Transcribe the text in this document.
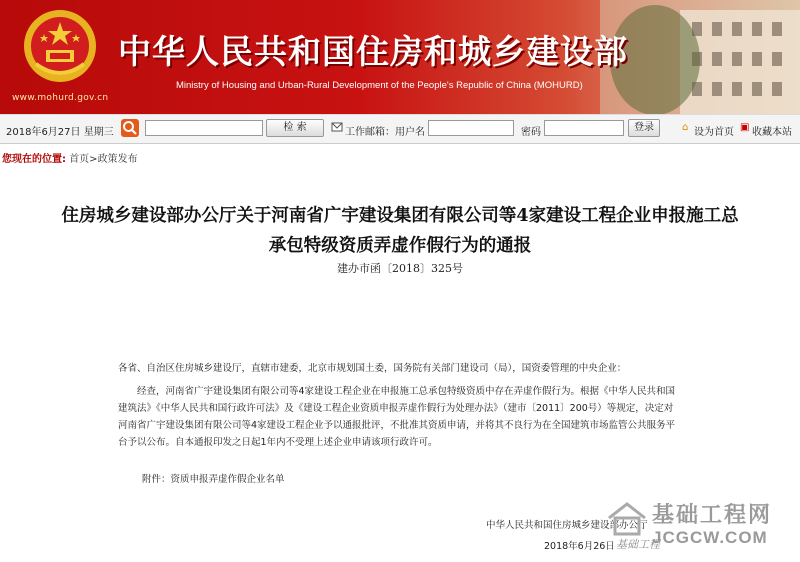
www.mohurd.gov.cn
中华人民共和国住房和城乡建设部
Ministry of Housing and Urban-Rural Development of the People's Republic of China (MOHURD)
2018年6月27日 星期三	检 索	工作邮箱：用户名	密码	登录	⌂ 设为首页 ▣ 收藏本站
您现在的位置: 首页>政策发布
住房城乡建设部办公厅关于河南省广宇建设集团有限公司等4家建设工程企业申报施工总承包特级资质弄虚作假行为的通报
建办市函〔2018〕325号
各省、自治区住房城乡建设厅，直辖市建委，北京市规划国土委，国务院有关部门建设司（局），国资委管理的中央企业：
经查，河南省广宇建设集团有限公司等4家建设工程企业在申报施工总承包特级资质中存在弄虚作假行为。根据《中华人民共和国建筑法》《中华人民共和国行政许可法》及《建设工程企业资质申报弄虚作假行为处理办法》（建市〔2011〕200号）等规定，决定对河南省广宇建设集团有限公司等4家建设工程企业予以通报批评，不批准其资质申请，并将其不良行为在全国建筑市场监管公共服务平台予以公布。自本通报印发之日起1年内不受理上述企业申请该项行政许可。
附件：资质申报弄虚作假企业名单
中华人民共和国住房城乡建设部办公厅
2018年6月26日
基础工程网
JCGCW.COM
基础工程
